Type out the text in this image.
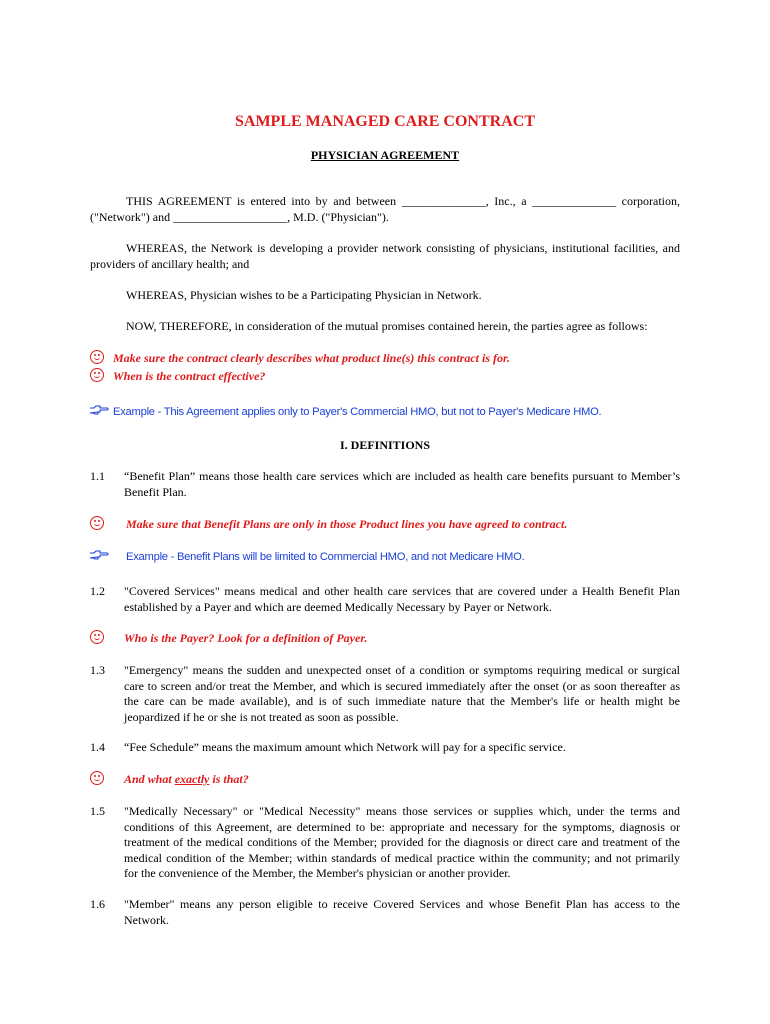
SAMPLE MANAGED CARE CONTRACT
PHYSICIAN AGREEMENT
THIS AGREEMENT is entered into by and between ______________, Inc., a ______________ corporation, ("Network") and ___________________, M.D. ("Physician").
WHEREAS, the Network is developing a provider network consisting of physicians, institutional facilities, and providers of ancillary health; and
WHEREAS, Physician wishes to be a Participating Physician in Network.
NOW, THEREFORE, in consideration of the mutual promises contained herein, the parties agree as follows:
Make sure the contract clearly describes what product line(s) this contract is for.
When is the contract effective?
Example - This Agreement applies only to Payer's Commercial HMO, but not to Payer's Medicare HMO.
I. DEFINITIONS
1.1 “Benefit Plan” means those health care services which are included as health care benefits pursuant to Member’s Benefit Plan.
Make sure that Benefit Plans are only in those Product lines you have agreed to contract.
Example - Benefit Plans will be limited to Commercial HMO, and not Medicare HMO.
1.2 "Covered Services" means medical and other health care services that are covered under a Health Benefit Plan established by a Payer and which are deemed Medically Necessary by Payer or Network.
Who is the Payer? Look for a definition of Payer.
1.3 "Emergency" means the sudden and unexpected onset of a condition or symptoms requiring medical or surgical care to screen and/or treat the Member, and which is secured immediately after the onset (or as soon thereafter as the care can be made available), and is of such immediate nature that the Member's life or health might be jeopardized if he or she is not treated as soon as possible.
1.4 “Fee Schedule” means the maximum amount which Network will pay for a specific service.
And what exactly is that?
1.5 "Medically Necessary" or "Medical Necessity" means those services or supplies which, under the terms and conditions of this Agreement, are determined to be: appropriate and necessary for the symptoms, diagnosis or treatment of the medical conditions of the Member; provided for the diagnosis or direct care and treatment of the medical condition of the Member; within standards of medical practice within the community; and not primarily for the convenience of the Member, the Member's physician or another provider.
1.6 "Member" means any person eligible to receive Covered Services and whose Benefit Plan has access to the Network.
